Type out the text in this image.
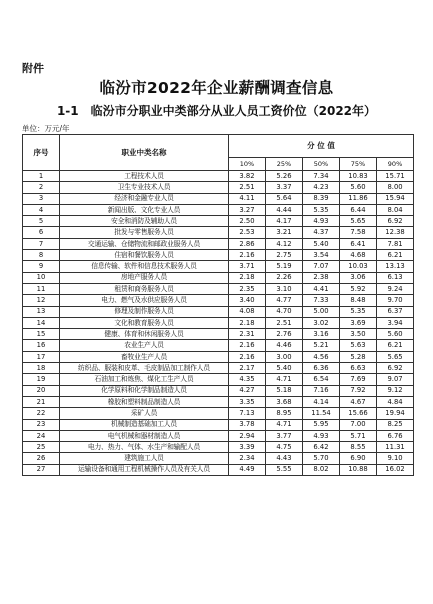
附件
临汾市2022年企业薪酬调查信息
1-1　临汾市分职业中类部分从业人员工资价位（2022年）
单位：万元/年
序号	职业中类名称	分 位 值				
		10%	25%	50%	75%	90%
1	工程技术人员	3.82	5.26	7.34	10.83	15.71
2	卫生专业技术人员	2.51	3.37	4.23	5.60	8.00
3	经济和金融专业人员	4.11	5.64	8.39	11.86	15.94
4	新闻出版、文化专业人员	3.27	4.44	5.35	6.44	8.04
5	安全和消防及辅助人员	2.50	4.17	4.93	5.65	6.92
6	批发与零售服务人员	2.53	3.21	4.37	7.58	12.38
7	交通运输、仓储物流和邮政业服务人员	2.86	4.12	5.40	6.41	7.81
8	住宿和餐饮服务人员	2.16	2.75	3.54	4.68	6.21
9	信息传输、软件和信息技术服务人员	3.71	5.19	7.07	10.03	13.13
10	房地产服务人员	2.18	2.26	2.38	3.06	6.13
11	租赁和商务服务人员	2.35	3.10	4.41	5.92	9.24
12	电力、燃气及水供应服务人员	3.40	4.77	7.33	8.48	9.70
13	修理及制作服务人员	4.08	4.70	5.00	5.35	6.37
14	文化和教育服务人员	2.18	2.51	3.02	3.69	3.94
15	健康、体育和休闲服务人员	2.31	2.76	3.16	3.50	5.60
16	农业生产人员	2.16	4.46	5.21	5.63	6.21
17	畜牧业生产人员	2.16	3.00	4.56	5.28	5.65
18	纺织品、服装和皮革、毛皮制品加工制作人员	2.17	5.40	6.36	6.63	6.92
19	石油加工和炼焦、煤化工生产人员	4.35	4.71	6.54	7.69	9.07
20	化学原料和化学制品制造人员	4.27	5.18	7.16	7.92	9.12
21	橡胶和塑料制品制造人员	3.35	3.68	4.14	4.67	4.84
22	采矿人员	7.13	8.95	11.54	15.66	19.94
23	机械制造基础加工人员	3.78	4.71	5.95	7.00	8.25
24	电气机械和器材制造人员	2.94	3.77	4.93	5.71	6.76
25	电力、热力、气体、水生产和输配人员	3.39	4.75	6.42	8.55	11.31
26	建筑施工人员	2.34	4.43	5.70	6.90	9.10
27	运输设备和通用工程机械操作人员及有关人员	4.49	5.55	8.02	10.88	16.02
